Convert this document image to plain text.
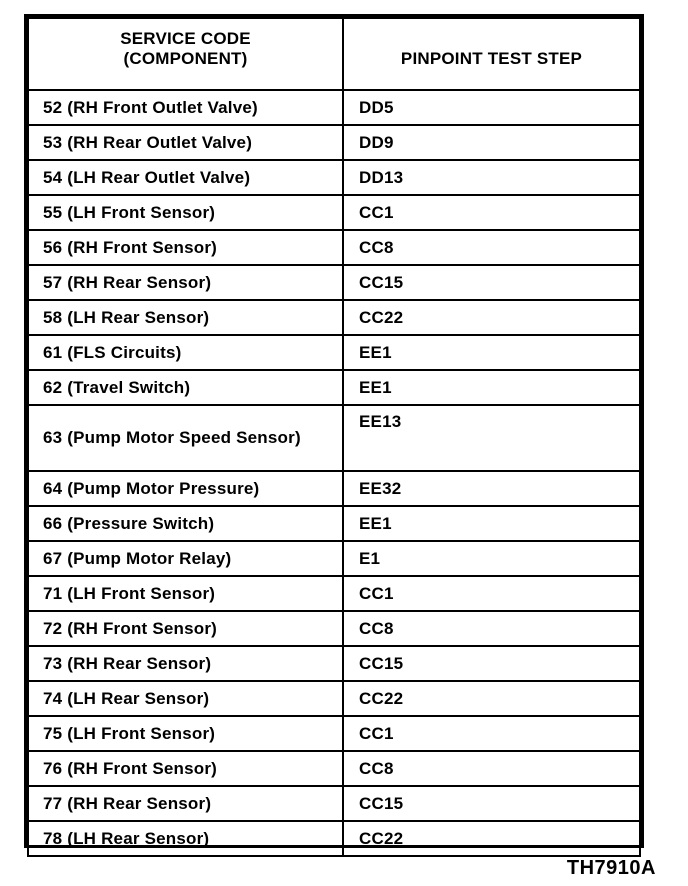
SERVICE CODE
(COMPONENT)	PINPOINT TEST STEP
52 (RH Front Outlet Valve)	DD5
53 (RH Rear Outlet Valve)	DD9
54 (LH Rear Outlet Valve)	DD13
55 (LH Front Sensor)	CC1
56 (RH Front Sensor)	CC8
57 (RH Rear Sensor)	CC15
58 (LH Rear Sensor)	CC22
61 (FLS Circuits)	EE1
62 (Travel Switch)	EE1
63 (Pump Motor Speed Sensor)	EE13
64 (Pump Motor Pressure)	EE32
66 (Pressure Switch)	EE1
67 (Pump Motor Relay)	E1
71 (LH Front Sensor)	CC1
72 (RH Front Sensor)	CC8
73 (RH Rear Sensor)	CC15
74 (LH Rear Sensor)	CC22
75 (LH Front Sensor)	CC1
76 (RH Front Sensor)	CC8
77 (RH Rear Sensor)	CC15
78 (LH Rear Sensor)	CC22
TH7910A
